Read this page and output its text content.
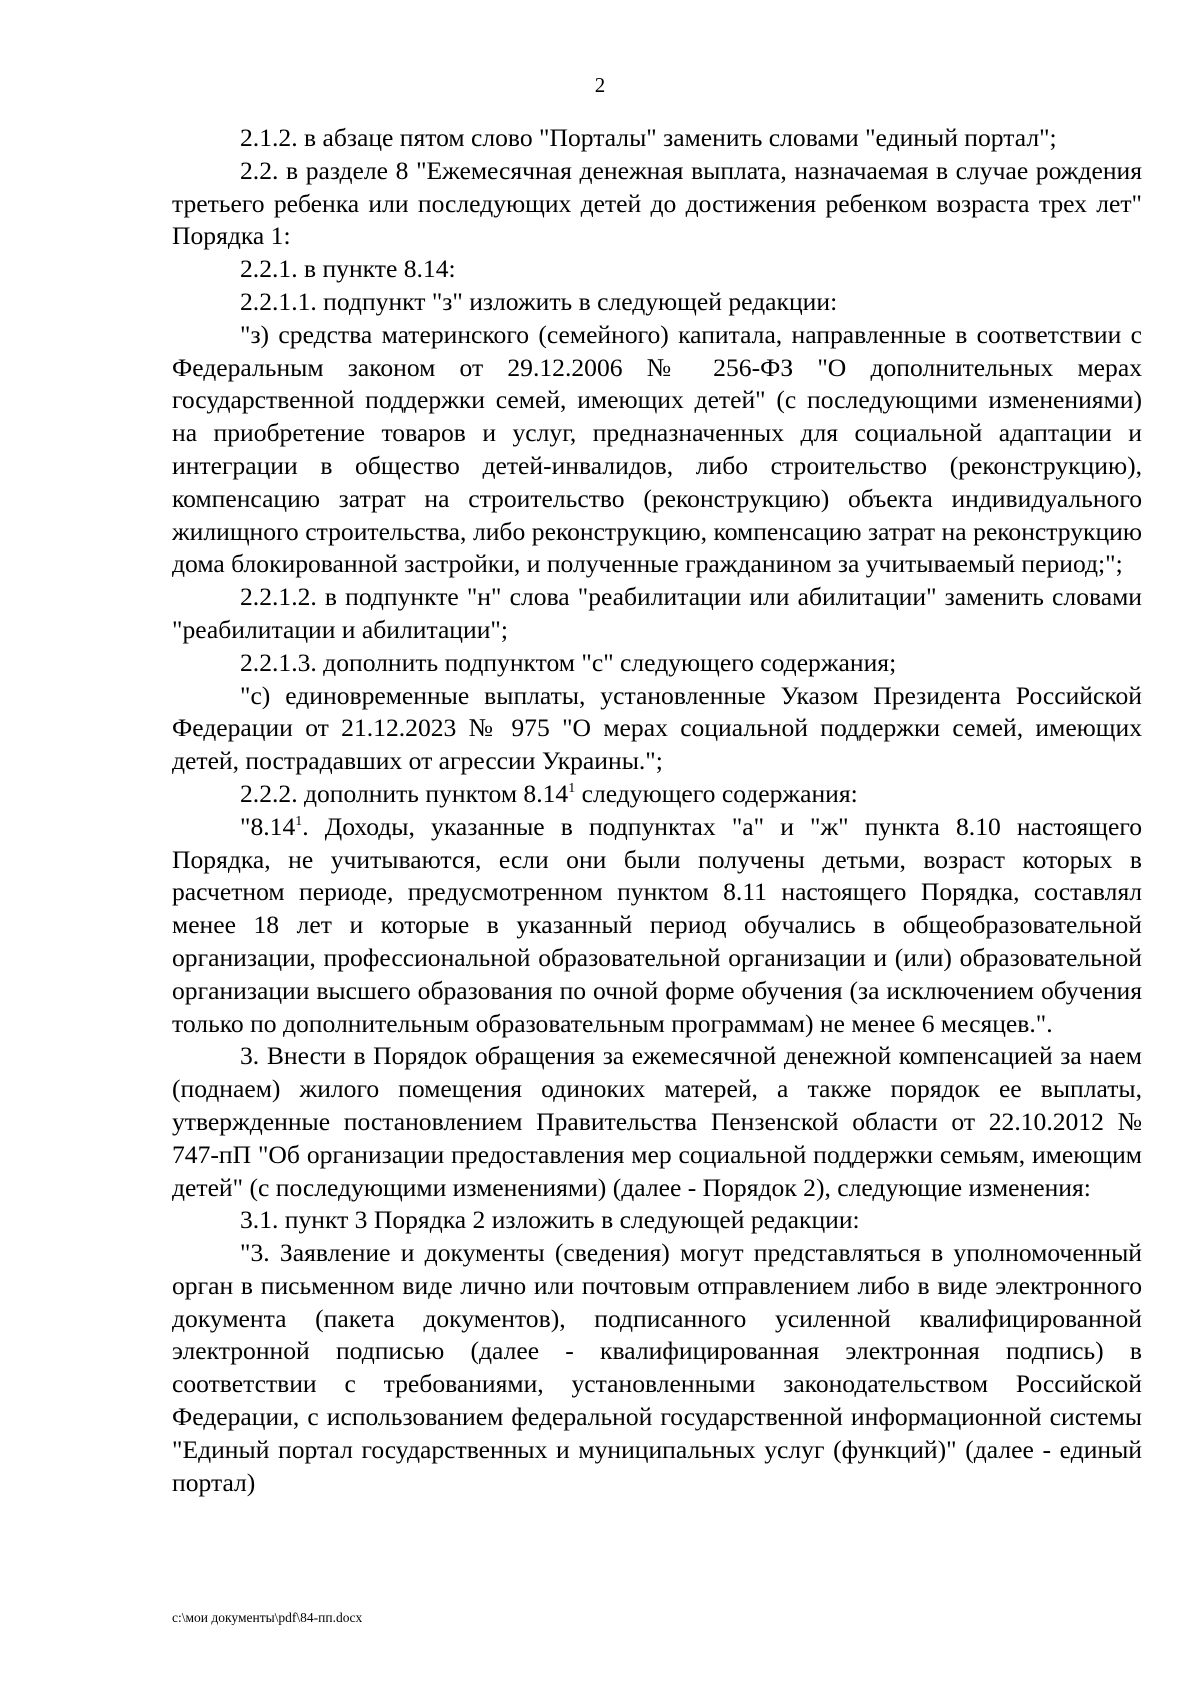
2

2.1.2. в абзаце пятом слово "Порталы" заменить словами "единый портал";

2.2. в разделе 8 "Ежемесячная денежная выплата, назначаемая в случае рождения третьего ребенка или последующих детей до достижения ребенком возраста трех лет" Порядка 1:

2.2.1. в пункте 8.14:

2.2.1.1. подпункт "з" изложить в следующей редакции:

"з) средства материнского (семейного) капитала, направленные в соответствии с Федеральным законом от 29.12.2006 № 256-ФЗ "О дополнительных мерах государственной поддержки семей, имеющих детей" (с последующими изменениями) на приобретение товаров и услуг, предназначенных для социальной адаптации и интеграции в общество детей-инвалидов, либо строительство (реконструкцию), компенсацию затрат на строительство (реконструкцию) объекта индивидуального жилищного строительства, либо реконструкцию, компенсацию затрат на реконструкцию дома блокированной застройки, и полученные гражданином за учитываемый период;";

2.2.1.2. в подпункте "н" слова "реабилитации или абилитации" заменить словами "реабилитации и абилитации";

2.2.1.3. дополнить подпунктом "с" следующего содержания;

"с) единовременные выплаты, установленные Указом Президента Российской Федерации от 21.12.2023 № 975 "О мерах социальной поддержки семей, имеющих детей, пострадавших от агрессии Украины.";

2.2.2. дополнить пунктом 8.14$^1$ следующего содержания:

"8.14$^1$. Доходы, указанные в подпунктах "а" и "ж" пункта 8.10 настоящего Порядка, не учитываются, если они были получены детьми, возраст которых в расчетном периоде, предусмотренном пунктом 8.11 настоящего Порядка, составлял менее 18 лет и которые в указанный период обучались в общеобразовательной организации, профессиональной образовательной организации и (или) образовательной организации высшего образования по очной форме обучения (за исключением обучения только по дополнительным образовательным программам) не менее 6 месяцев.".

3. Внести в Порядок обращения за ежемесячной денежной компенсацией за наем (поднаем) жилого помещения одиноких матерей, а также порядок ее выплаты, утвержденные постановлением Правительства Пензенской области от 22.10.2012 № 747-пП "Об организации предоставления мер социальной поддержки семьям, имеющим детей" (с последующими изменениями) (далее - Порядок 2), следующие изменения:

3.1. пункт 3 Порядка 2 изложить в следующей редакции:

"3. Заявление и документы (сведения) могут представляться в уполномоченный орган в письменном виде лично или почтовым отправлением либо в виде электронного документа (пакета документов), подписанного усиленной квалифицированной электронной подписью (далее - квалифицированная электронная подпись) в соответствии с требованиями, установленными законодательством Российской Федерации, с использованием федеральной государственной информационной системы "Единый портал государственных и муниципальных услуг (функций)" (далее - единый портал)

c:\мои документы\pdf\84-пп.docx
